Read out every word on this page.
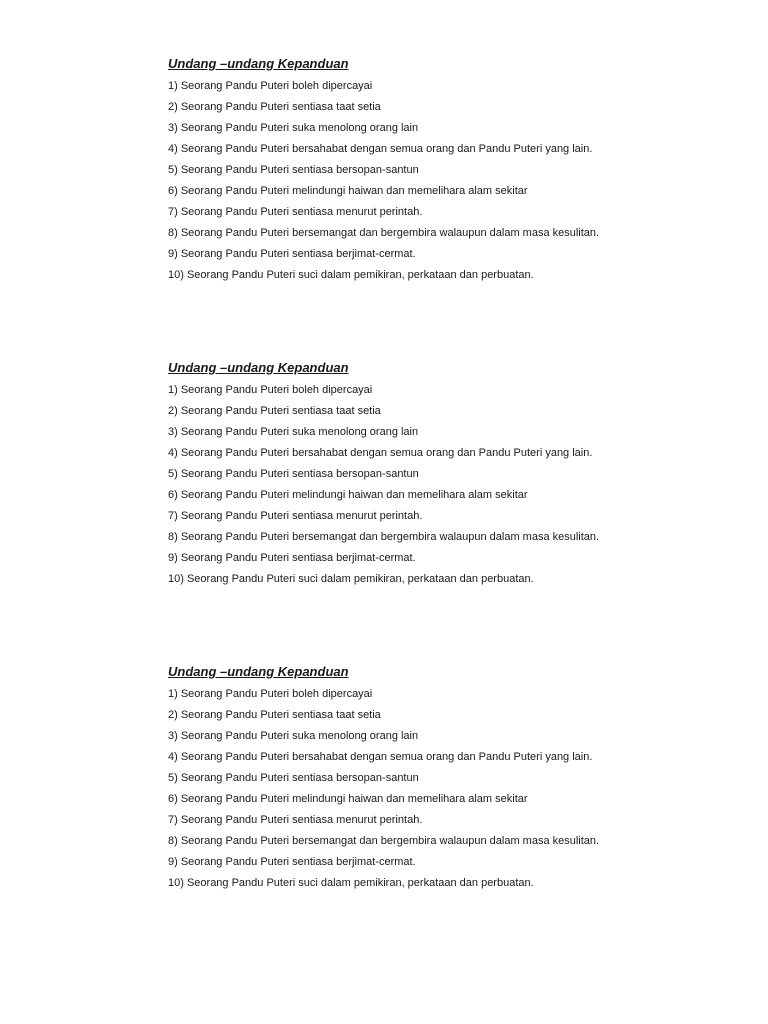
Undang –undang Kepanduan
1) Seorang Pandu Puteri boleh dipercayai
2) Seorang Pandu Puteri sentiasa taat setia
3) Seorang Pandu Puteri suka menolong orang lain
4) Seorang Pandu Puteri bersahabat dengan semua orang dan Pandu Puteri yang lain.
5) Seorang Pandu Puteri sentiasa bersopan-santun
6) Seorang Pandu Puteri melindungi haiwan dan memelihara alam sekitar
7) Seorang Pandu Puteri sentiasa menurut perintah.
8) Seorang Pandu Puteri bersemangat dan bergembira walaupun dalam masa kesulitan.
9) Seorang Pandu Puteri sentiasa berjimat-cermat.
10) Seorang Pandu Puteri suci dalam pemikiran, perkataan dan perbuatan.
Undang –undang Kepanduan
1) Seorang Pandu Puteri boleh dipercayai
2) Seorang Pandu Puteri sentiasa taat setia
3) Seorang Pandu Puteri suka menolong orang lain
4) Seorang Pandu Puteri bersahabat dengan semua orang dan Pandu Puteri yang lain.
5) Seorang Pandu Puteri sentiasa bersopan-santun
6) Seorang Pandu Puteri melindungi haiwan dan memelihara alam sekitar
7) Seorang Pandu Puteri sentiasa menurut perintah.
8) Seorang Pandu Puteri bersemangat dan bergembira walaupun dalam masa kesulitan.
9) Seorang Pandu Puteri sentiasa berjimat-cermat.
10) Seorang Pandu Puteri suci dalam pemikiran, perkataan dan perbuatan.
Undang –undang Kepanduan
1) Seorang Pandu Puteri boleh dipercayai
2) Seorang Pandu Puteri sentiasa taat setia
3) Seorang Pandu Puteri suka menolong orang lain
4) Seorang Pandu Puteri bersahabat dengan semua orang dan Pandu Puteri yang lain.
5) Seorang Pandu Puteri sentiasa bersopan-santun
6) Seorang Pandu Puteri melindungi haiwan dan memelihara alam sekitar
7) Seorang Pandu Puteri sentiasa menurut perintah.
8) Seorang Pandu Puteri bersemangat dan bergembira walaupun dalam masa kesulitan.
9) Seorang Pandu Puteri sentiasa berjimat-cermat.
10) Seorang Pandu Puteri suci dalam pemikiran, perkataan dan perbuatan.
